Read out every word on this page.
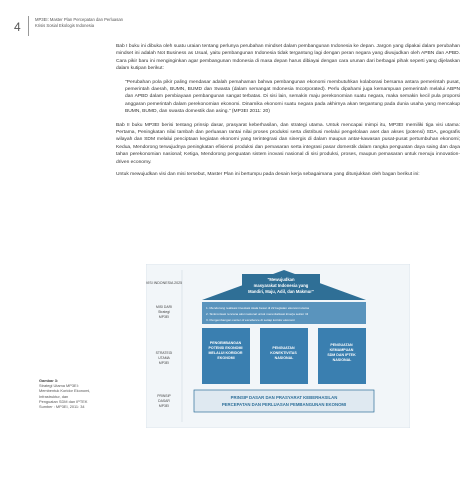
4
MP3EI: Master Plan Percepatan dan Perluasan
Krisis Sosial Ekologis Indonesia

Bab I buku ini dibuka oleh suatu uraian tentang perlunya perubahan mindset dalam pembangunan Indonesia ke depan. Jargon yang dipakai dalam perubahan mindset ini adalah Not Business as Usual, yaitu pembangunan Indonesia tidak tergantung lagi dengan peran negara yang diwujudkan oleh APBN dan APBD. Cara pikir baru ini menginginkan agar pembangunan Indonesia di masa depan harus dibiayai dengan cara urunan dari berbagai pihak seperti yang dijelaskan dalam kutipan berikut:

"Perubahan pola pikir paling mendasar adalah pemahaman bahwa pembangunan ekonomi membutuhkan kolaborasi bersama antara pemerintah pusat, pemerintah daerah, BUMN, BUMD dan Swasta (dalam semangat Indonesia Incorporated). Perlu dipahami juga kemampuan pemerintah melalui ABPN dan APBD dalam pembiayaan pembangunan sangat terbatas. Di sisi lain, semakin maju perekonomian suatu negara, maka semakin kecil pula proporsi anggaran pemerintah dalam perekonomian ekonomi. Dinamika ekonomi suatu negara pada akhirnya akan tergantung pada dunia usaha yang mencakup BUMN, BUMD, dan swasta domestik dan asing." (MP3EI 2011: 20)

Bab II buku MP3EI berisi tentang prinsip dasar, prasyarat keberhasilan, dan strategi utama. Untuk mencapai mimpi itu, MP3EI memiliki tiga visi utama: Pertama, Peningkatan nilai tambah dan perluasan rantai nilai proses produksi serta distribusi melalui pengelolaan aset dan akses (potensi) SDA, geografis wilayah dan SDM melalui penciptaan kegiatan ekonomi yang terintegrasi dan sinergis di dalam maupun antar-kawasan pusat-pusat pertumbuhan ekonomi; Kedua, Mendorong terwujudnya peningkatan efisiensi produksi dan pemasaran serta integrasi pasar domestik dalam rangka penguatan daya saing dan daya tahan perekonomian nasional; Ketiga, Mendorong penguatan sistem inovasi nasional di sisi produksi, proses, maupun pemasaran untuk menuju innovation-driven economy.

Untuk mewujudkan visi dan misi tersebut, Master Plan ini bertumpu pada desain kerja sebagaimana yang ditunjukkan oleh bagan berikut ini:

VISI INDONESIA 2025
"Mewujudkan
masyarakat Indonesia yang
Mandiri, Maju, Adil, dan Makmur"
MISI DARI
Strategi
MP3EI
1. Mendorong realisasi investasi skala besar di 22 kegiatan ekonomi utama
2. Sinkronisasi rencana aksi nasional untuk merevitalisasi kinerja sektor riil
3. Pengembangan center of excellence di setiap koridor ekonomi
STRATEGI
UTAMA
MP3EI
PENGEMBANGAN POTENSI EKONOMI MELALUI KORIDOR EKONOMI
PENGUATAN KONEKTIVITAS NASIONAL
PENGUATAN KEMAMPUAN SDM DAN IPTEK NASIONAL
PRINSIP
DASAR
MP3EI
PRINSIP DASAR DAN PRASYARAT KEBERHASILAN
PERCEPATAN DAN PERLUASAN PEMBANGUNAN EKONOMI
Gambar 3:
Strategi Utama MP3EI:
Membentuk Koridor Ekonomi,
Infrastruktur, dan
Penguatan SDM dan IPTEK
Sumber : MP3EI, 2011: 34
